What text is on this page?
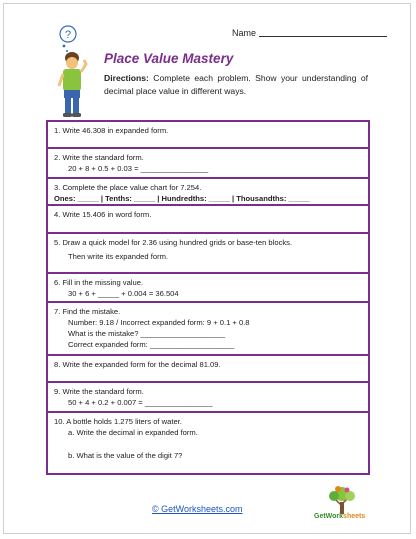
Name
?
Place Value Mastery
Directions: Complete each problem. Show your understanding of decimal place value in different ways.
1. Write 46.308 in expanded form.
2. Write the standard form.
20 + 8 + 0.5 + 0.03 = ________________
3. Complete the place value chart for 7.254.
Ones: _____ | Tenths: _____ | Hundredths: _____ | Thousandths: _____
4. Write 15.406 in word form.
5. Draw a quick model for 2.36 using hundred grids or base-ten blocks.
Then write its expanded form.
6. Fill in the missing value.
30 + 6 + _____ + 0.004 = 36.504
7. Find the mistake.
Number: 9.18 / Incorrect expanded form: 9 + 0.1 + 0.8
What is the mistake? ____________________
Correct expanded form: ____________________
8. Write the expanded form for the decimal 81.09.
9. Write the standard form.
50 + 4 + 0.2 + 0.007 = ________________
10. A bottle holds 1.275 liters of water.
a. Write the decimal in expanded form.
b. What is the value of the digit 7?
© GetWorksheets.com
GetWorksheets
